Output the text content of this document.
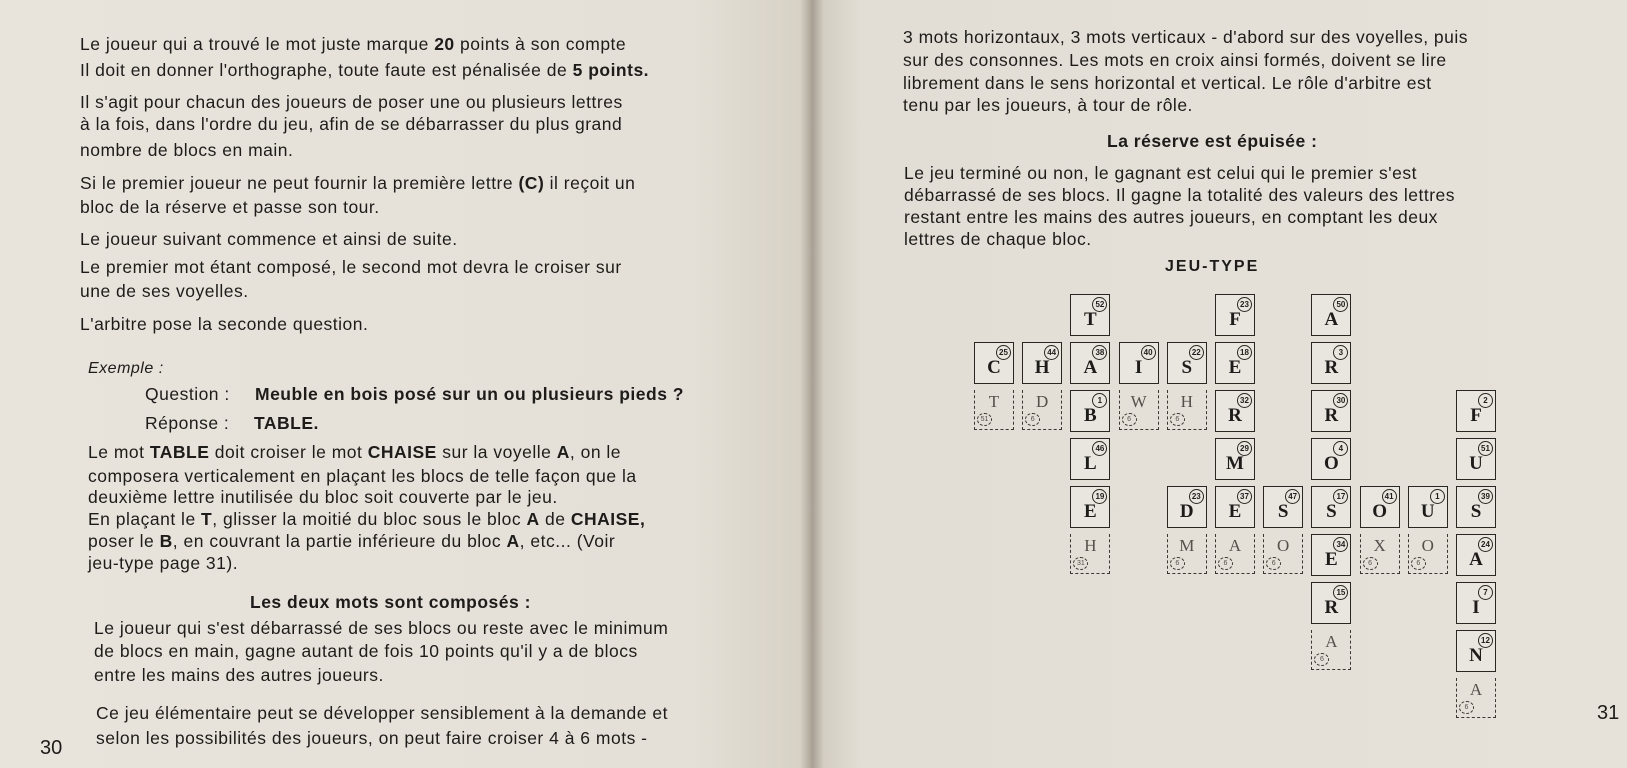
Le joueur qui a trouvé le mot juste marque 20 points à son compte
Il doit en donner l'orthographe, toute faute est pénalisée de 5 points.
Il s'agit pour chacun des joueurs de poser une ou plusieurs lettres
à la fois, dans l'ordre du jeu, afin de se débarrasser du plus grand
nombre de blocs en main.
Si le premier joueur ne peut fournir la première lettre (C) il reçoit un
bloc de la réserve et passe son tour.
Le joueur suivant commence et ainsi de suite.
Le premier mot étant composé, le second mot devra le croiser sur
une de ses voyelles.
L'arbitre pose la seconde question.
Exemple :
Question : Meuble en bois posé sur un ou plusieurs pieds ?
Réponse : TABLE.
Le mot TABLE doit croiser le mot CHAISE sur la voyelle A, on le
composera verticalement en plaçant les blocs de telle façon que la
deuxième lettre inutilisée du bloc soit couverte par le jeu.
En plaçant le T, glisser la moitié du bloc sous le bloc A de CHAISE,
poser le B, en couvrant la partie inférieure du bloc A, etc... (Voir
jeu-type page 31).
Les deux mots sont composés :
Le joueur qui s'est débarrassé de ses blocs ou reste avec le minimum
de blocs en main, gagne autant de fois 10 points qu'il y a de blocs
entre les mains des autres joueurs.
Ce jeu élémentaire peut se développer sensiblement à la demande et
selon les possibilités des joueurs, on peut faire croiser 4 à 6 mots -
30
3 mots horizontaux, 3 mots verticaux - d'abord sur des voyelles, puis
sur des consonnes. Les mots en croix ainsi formés, doivent se lire
librement dans le sens horizontal et vertical. Le rôle d'arbitre est
tenu par les joueurs, à tour de rôle.
La réserve est épuisée :
Le jeu terminé ou non, le gagnant est celui qui le premier s'est
débarrassé de ses blocs. Il gagne la totalité des valeurs des lettres
restant entre les mains des autres joueurs, en comptant les deux
lettres de chaque bloc.
JEU-TYPE
31
C
25
H
44
A
38
I
40
S
22
E
18
T
52
B
1
L
46
E
19
F
23
R
32
M
29
E
37
D
23
S
47
S
17
O
41
U
1
S
39
A
50
R
3
R
30
O
4
E
34
R
15
F
2
U
51
A
24
I
7
N
12
T
51
D
6
W
6
H
6
H
31
M
6
A
6
O
6
X
6
O
6
A
6
A
6
